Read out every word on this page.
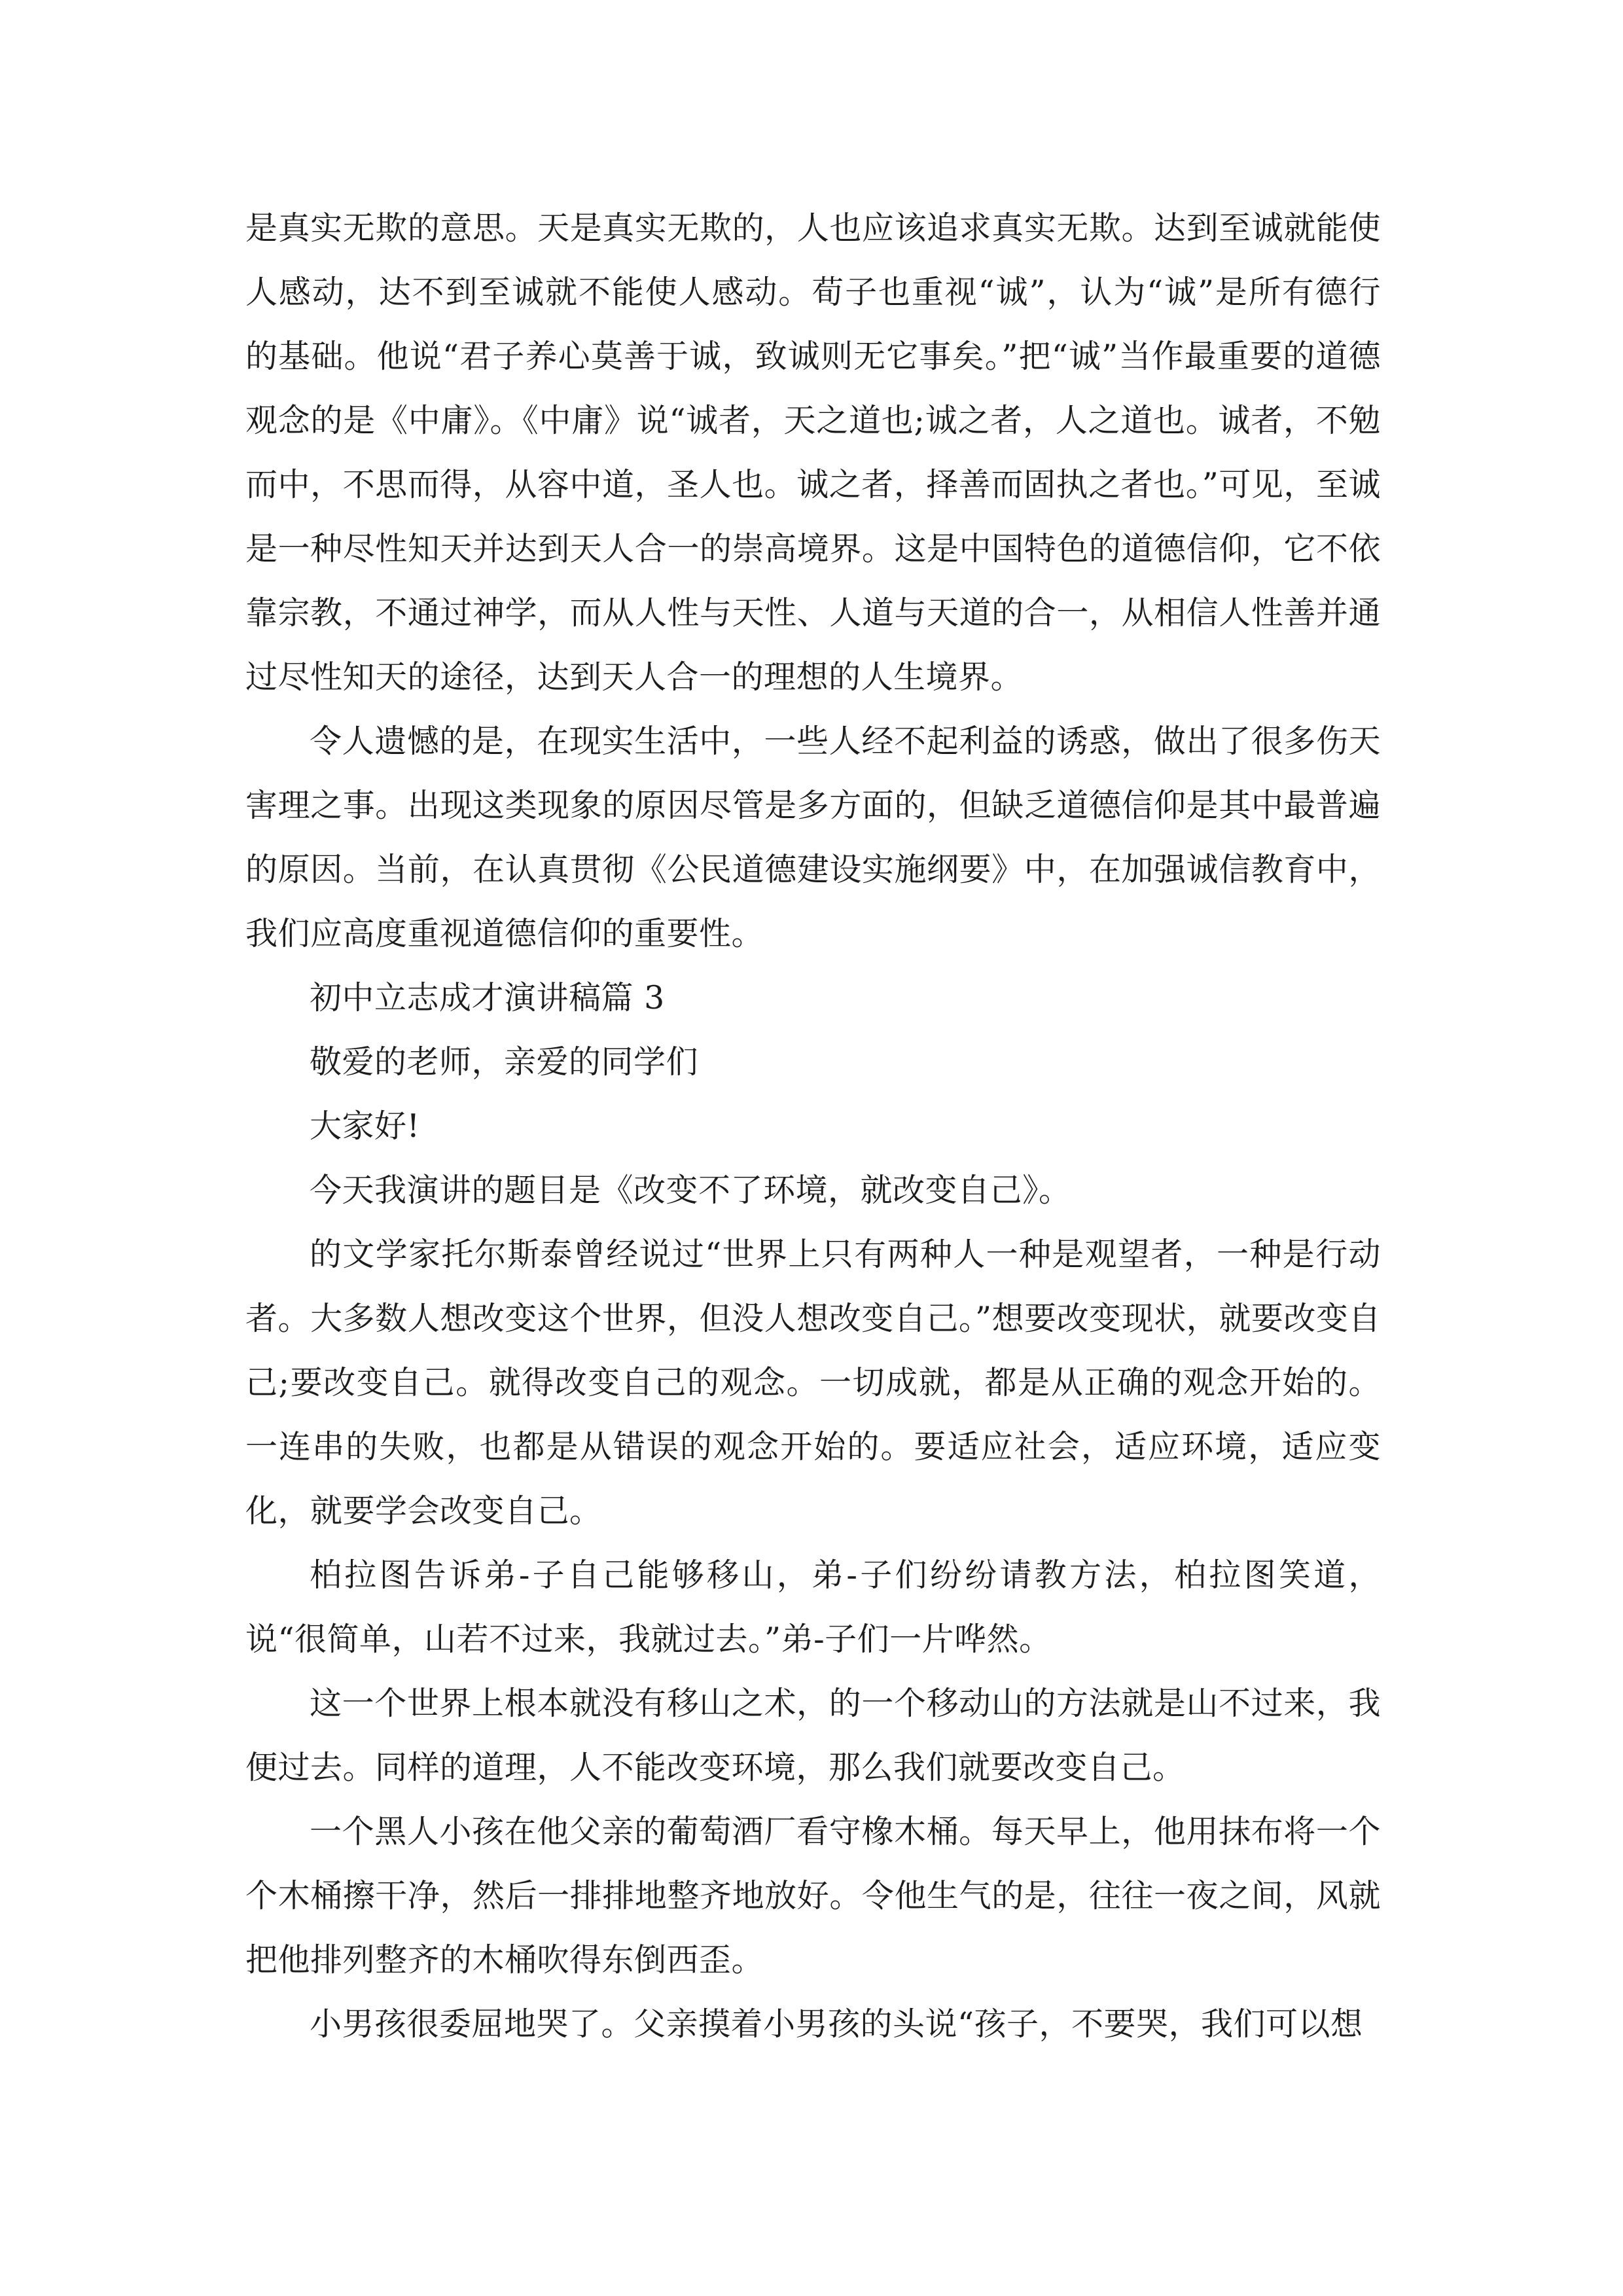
是真实无欺的意思。天是真实无欺的，人也应该追求真实无欺。达到至诚就能使人感动，达不到至诚就不能使人感动。荀子也重视“诚”，认为“诚”是所有德行的基础。他说“君子养心莫善于诚，致诚则无它事矣。”把“诚”当作最重要的道德观念的是《中庸》。《中庸》说“诚者，天之道也;诚之者，人之道也。诚者，不勉而中，不思而得，从容中道，圣人也。诚之者，择善而固执之者也。”可见，至诚是一种尽性知天并达到天人合一的崇高境界。这是中国特色的道德信仰，它不依靠宗教，不通过神学，而从人性与天性、人道与天道的合一，从相信人性善并通过尽性知天的途径，达到天人合一的理想的人生境界。

令人遗憾的是，在现实生活中，一些人经不起利益的诱惑，做出了很多伤天害理之事。出现这类现象的原因尽管是多方面的，但缺乏道德信仰是其中最普遍的原因。当前，在认真贯彻《公民道德建设实施纲要》中，在加强诚信教育中，我们应高度重视道德信仰的重要性。

初中立志成才演讲稿篇 3

敬爱的老师，亲爱的同学们

大家好!

今天我演讲的题目是《改变不了环境，就改变自己》。

的文学家托尔斯泰曾经说过“世界上只有两种人一种是观望者，一种是行动者。大多数人想改变这个世界，但没人想改变自己。”想要改变现状，就要改变自己;要改变自己。就得改变自己的观念。一切成就，都是从正确的观念开始的。一连串的失败，也都是从错误的观念开始的。要适应社会，适应环境，适应变化，就要学会改变自己。

柏拉图告诉弟-子自己能够移山，弟-子们纷纷请教方法，柏拉图笑道，说“很简单，山若不过来，我就过去。”弟-子们一片哗然。

这一个世界上根本就没有移山之术，的一个移动山的方法就是山不过来，我便过去。同样的道理，人不能改变环境，那么我们就要改变自己。

一个黑人小孩在他父亲的葡萄酒厂看守橡木桶。每天早上，他用抹布将一个个木桶擦干净，然后一排排地整齐地放好。令他生气的是，往往一夜之间，风就把他排列整齐的木桶吹得东倒西歪。

小男孩很委屈地哭了。父亲摸着小男孩的头说“孩子，不要哭，我们可以想
